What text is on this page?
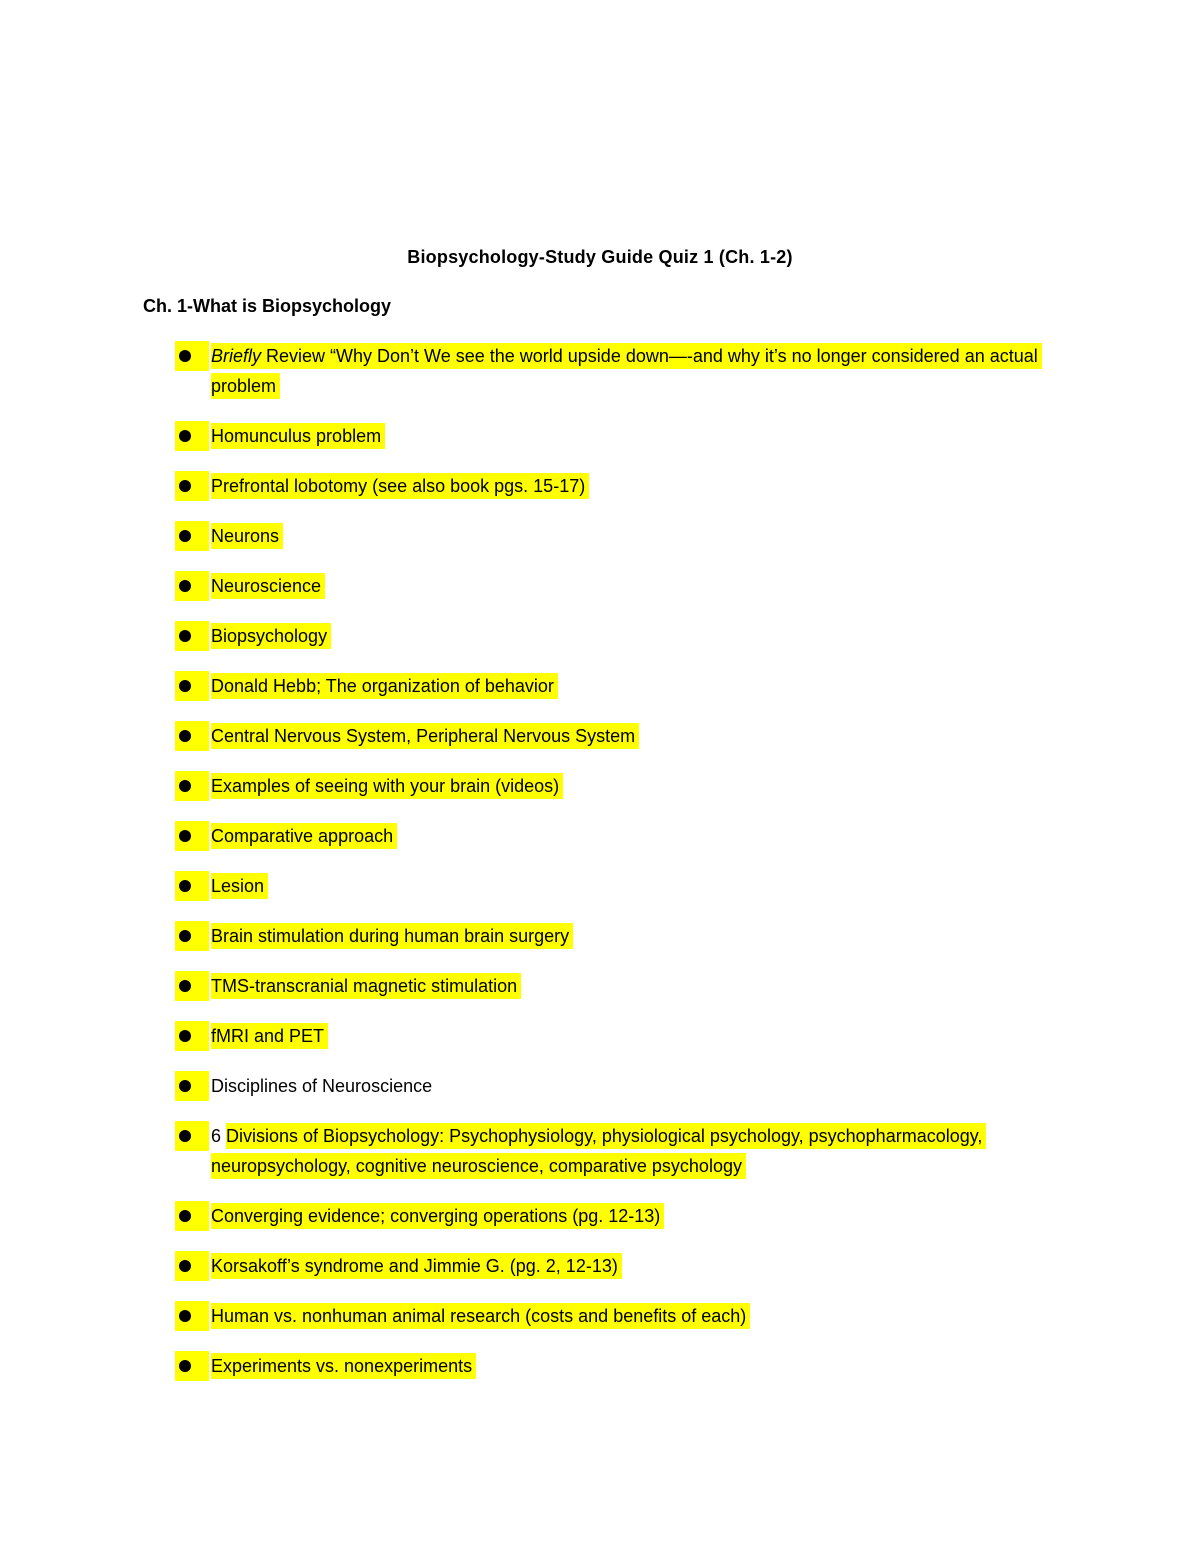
Biopsychology-Study Guide Quiz 1 (Ch. 1-2)
Ch. 1-What is Biopsychology
Briefly Review “Why Don’t We see the world upside down—-and why it’s no longer considered an actual problem
Homunculus problem
Prefrontal lobotomy (see also book pgs. 15-17)
Neurons
Neuroscience
Biopsychology
Donald Hebb; The organization of behavior
Central Nervous System, Peripheral Nervous System
Examples of seeing with your brain (videos)
Comparative approach
Lesion
Brain stimulation during human brain surgery
TMS-transcranial magnetic stimulation
fMRI and PET
Disciplines of Neuroscience
6 Divisions of Biopsychology: Psychophysiology, physiological psychology, psychopharmacology, neuropsychology, cognitive neuroscience, comparative psychology
Converging evidence; converging operations (pg. 12-13)
Korsakoff’s syndrome and Jimmie G. (pg. 2, 12-13)
Human vs. nonhuman animal research (costs and benefits of each)
Experiments vs. nonexperiments
